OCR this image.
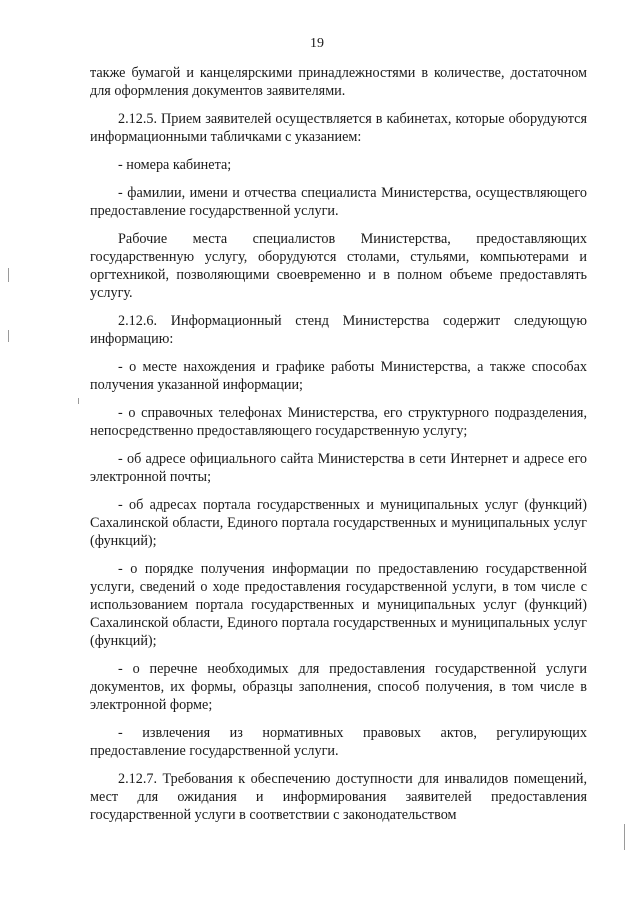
19

также бумагой и канцелярскими принадлежностями в количестве, достаточном для оформления документов заявителями.

2.12.5. Прием заявителей осуществляется в кабинетах, которые оборудуются информационными табличками с указанием:

- номера кабинета;

- фамилии, имени и отчества специалиста Министерства, осуществляющего предоставление государственной услуги.

Рабочие места специалистов Министерства, предоставляющих государственную услугу, оборудуются столами, стульями, компьютерами и оргтехникой, позволяющими своевременно и в полном объеме предоставлять услугу.

2.12.6. Информационный стенд Министерства содержит следующую информацию:

- о месте нахождения и графике работы Министерства, а также способах получения указанной информации;

- о справочных телефонах Министерства, его структурного подразделения, непосредственно предоставляющего государственную услугу;

- об адресе официального сайта Министерства в сети Интернет и адресе его электронной почты;

- об адресах портала государственных и муниципальных услуг (функций) Сахалинской области, Единого портала государственных и муниципальных услуг (функций);

- о порядке получения информации по предоставлению государственной услуги, сведений о ходе предоставления государственной услуги, в том числе с использованием портала государственных и муниципальных услуг (функций) Сахалинской области, Единого портала государственных и муниципальных услуг (функций);

- о перечне необходимых для предоставления государственной услуги документов, их формы, образцы заполнения, способ получения, в том числе в электронной форме;

- извлечения из нормативных правовых актов, регулирующих предоставление государственной услуги.

2.12.7. Требования к обеспечению доступности для инвалидов помещений, мест для ожидания и информирования заявителей предоставления государственной услуги в соответствии с законодательством
